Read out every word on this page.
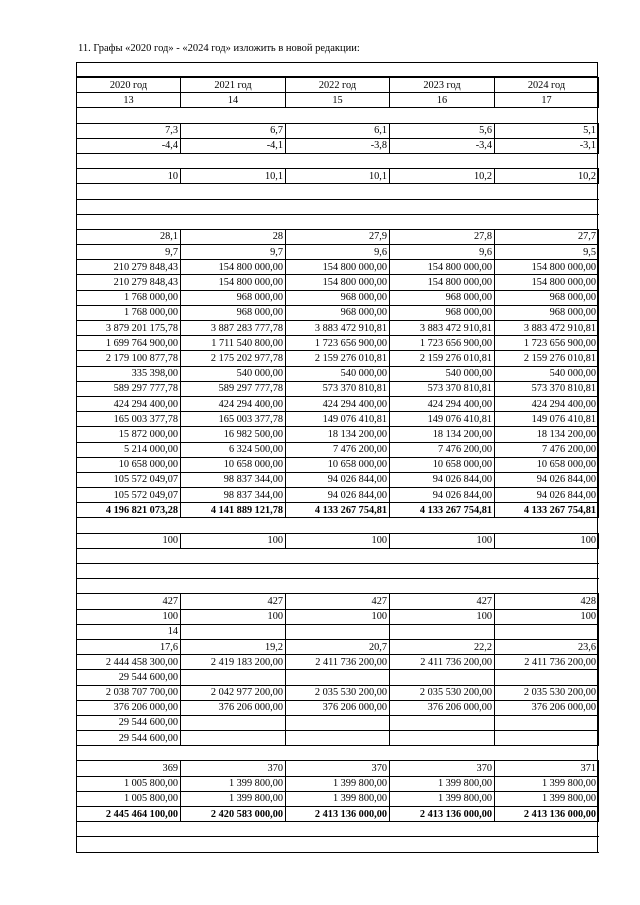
11. Графы «2020 год» - «2024 год» изложить в новой редакции:
2020 год	2021 год	2022 год	2023 год	2024 год
13	14	15	16	17

7,3	6,7	6,1	5,6	5,1
-4,4	-4,1	-3,8	-3,4	-3,1

10	10,1	10,1	10,2	10,2

28,1	28	27,9	27,8	27,7
9,7	9,7	9,6	9,6	9,5
210 279 848,43	154 800 000,00	154 800 000,00	154 800 000,00	154 800 000,00
210 279 848,43	154 800 000,00	154 800 000,00	154 800 000,00	154 800 000,00
1 768 000,00	968 000,00	968 000,00	968 000,00	968 000,00
1 768 000,00	968 000,00	968 000,00	968 000,00	968 000,00
3 879 201 175,78	3 887 283 777,78	3 883 472 910,81	3 883 472 910,81	3 883 472 910,81
1 699 764 900,00	1 711 540 800,00	1 723 656 900,00	1 723 656 900,00	1 723 656 900,00
2 179 100 877,78	2 175 202 977,78	2 159 276 010,81	2 159 276 010,81	2 159 276 010,81
335 398,00	540 000,00	540 000,00	540 000,00	540 000,00
589 297 777,78	589 297 777,78	573 370 810,81	573 370 810,81	573 370 810,81
424 294 400,00	424 294 400,00	424 294 400,00	424 294 400,00	424 294 400,00
165 003 377,78	165 003 377,78	149 076 410,81	149 076 410,81	149 076 410,81
15 872 000,00	16 982 500,00	18 134 200,00	18 134 200,00	18 134 200,00
5 214 000,00	6 324 500,00	7 476 200,00	7 476 200,00	7 476 200,00
10 658 000,00	10 658 000,00	10 658 000,00	10 658 000,00	10 658 000,00
105 572 049,07	98 837 344,00	94 026 844,00	94 026 844,00	94 026 844,00
105 572 049,07	98 837 344,00	94 026 844,00	94 026 844,00	94 026 844,00
4 196 821 073,28	4 141 889 121,78	4 133 267 754,81	4 133 267 754,81	4 133 267 754,81

100	100	100	100	100

427	427	427	427	428
100	100	100	100	100
14				
17,6	19,2	20,7	22,2	23,6
2 444 458 300,00	2 419 183 200,00	2 411 736 200,00	2 411 736 200,00	2 411 736 200,00
29 544 600,00				
2 038 707 700,00	2 042 977 200,00	2 035 530 200,00	2 035 530 200,00	2 035 530 200,00
376 206 000,00	376 206 000,00	376 206 000,00	376 206 000,00	376 206 000,00
29 544 600,00				
29 544 600,00				

369	370	370	370	371
1 005 800,00	1 399 800,00	1 399 800,00	1 399 800,00	1 399 800,00
1 005 800,00	1 399 800,00	1 399 800,00	1 399 800,00	1 399 800,00
2 445 464 100,00	2 420 583 000,00	2 413 136 000,00	2 413 136 000,00	2 413 136 000,00
